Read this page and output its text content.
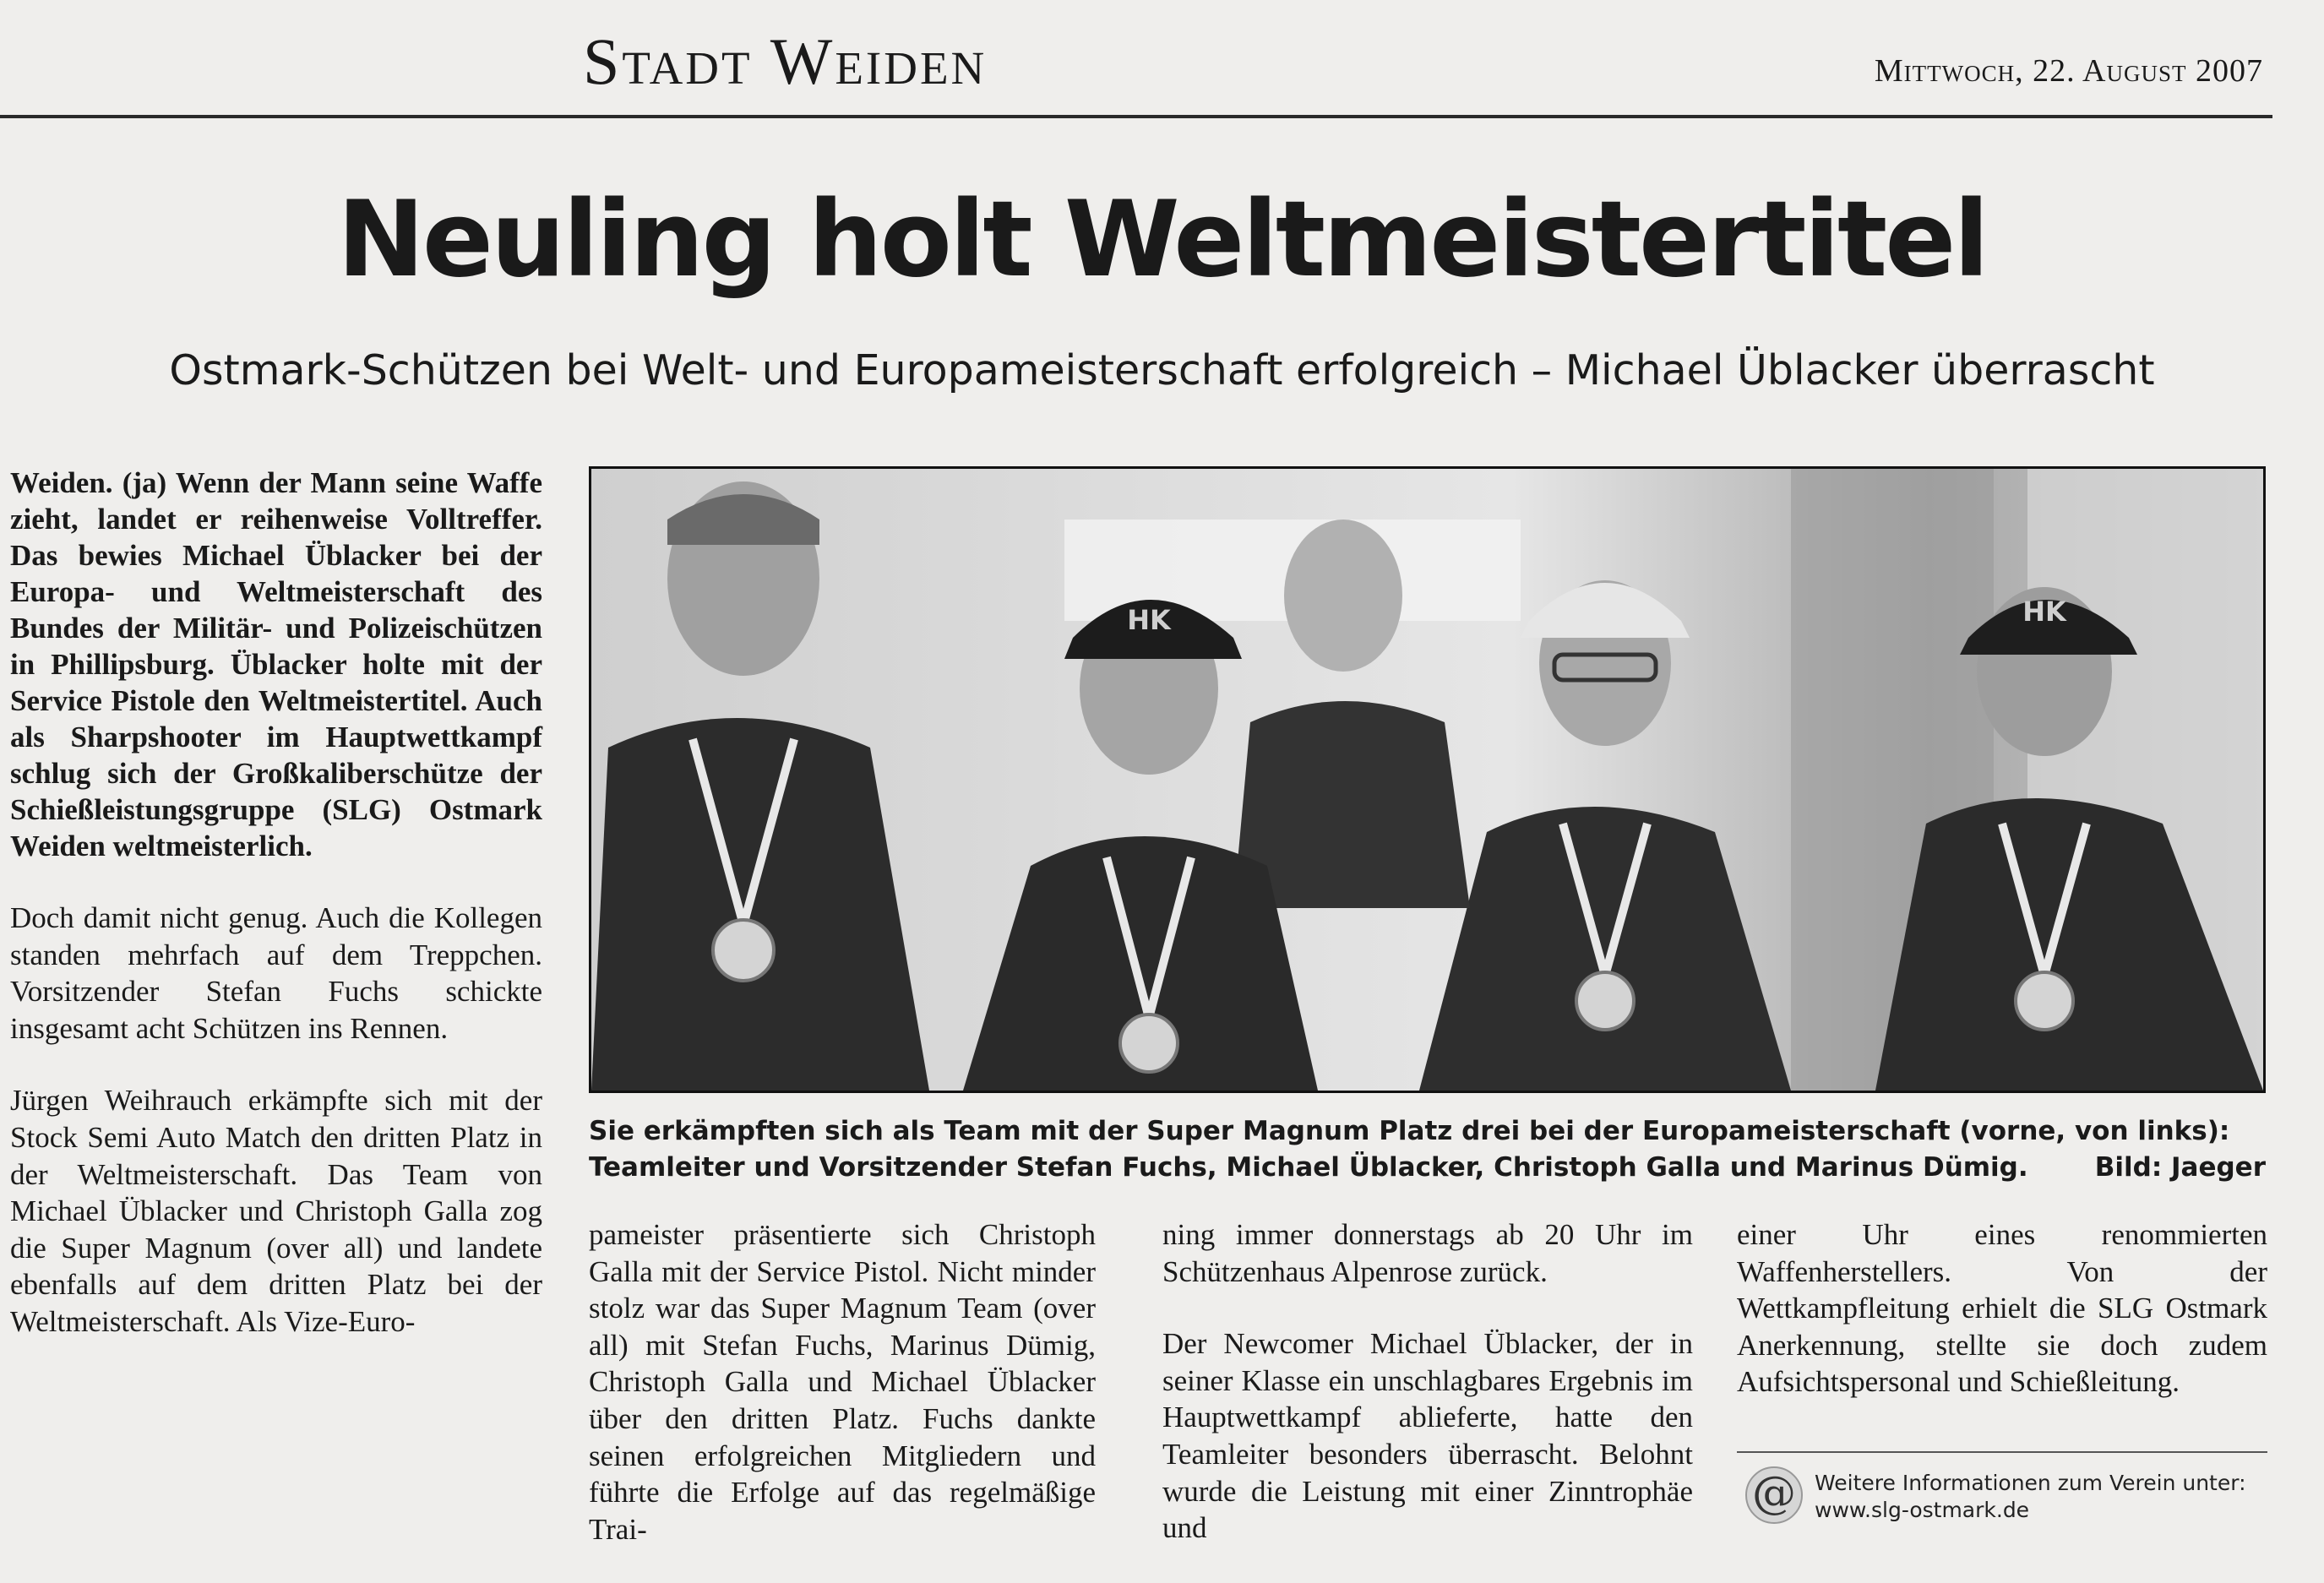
Stadt Weiden	Mittwoch, 22. August 2007
Neuling holt Weltmeistertitel
Ostmark-Schützen bei Welt- und Europameisterschaft erfolgreich – Michael Üblacker überrascht

Weiden. (ja) Wenn der Mann seine Waffe zieht, landet er reihenweise Volltreffer. Das bewies Michael Üblacker bei der Europa- und Weltmeisterschaft des Bundes der Militär- und Polizeischützen in Phillipsburg. Üblacker holte mit der Service Pistole den Weltmeistertitel. Auch als Sharpshooter im Hauptwettkampf schlug sich der Großkaliberschütze der Schießleistungsgruppe (SLG) Ostmark Weiden weltmeisterlich.

Doch damit nicht genug. Auch die Kollegen standen mehrfach auf dem Treppchen. Vorsitzender Stefan Fuchs schickte insgesamt acht Schützen ins Rennen.

Jürgen Weihrauch erkämpfte sich mit der Stock Semi Auto Match den dritten Platz in der Weltmeisterschaft. Das Team von Michael Üblacker und Christoph Galla zog die Super Magnum (over all) und landete ebenfalls auf dem dritten Platz bei der Weltmeisterschaft. Als Vize-Euro-

HK
HK
Sie erkämpften sich als Team mit der Super Magnum Platz drei bei der Europameisterschaft (vorne, von links): Teamleiter und Vorsitzender Stefan Fuchs, Michael Üblacker, Christoph Galla und Marinus Dümig.	Bild: Jaeger

pameister präsentierte sich Christoph Galla mit der Service Pistol. Nicht minder stolz war das Super Magnum Team (over all) mit Stefan Fuchs, Marinus Dümig, Christoph Galla und Michael Üblacker über den dritten Platz. Fuchs dankte seinen erfolgreichen Mitgliedern und führte die Erfolge auf das regelmäßige Trai-

ning immer donnerstags ab 20 Uhr im Schützenhaus Alpenrose zurück.

Der Newcomer Michael Üblacker, der in seiner Klasse ein unschlagbares Ergebnis im Hauptwettkampf ablieferte, hatte den Teamleiter besonders überrascht. Belohnt wurde die Leistung mit einer Zinntrophäe und

einer Uhr eines renommierten Waffenherstellers. Von der Wettkampfleitung erhielt die SLG Ostmark Anerkennung, stellte sie doch zudem Aufsichtspersonal und Schießleitung.

@ Weitere Informationen zum Verein unter:
www.slg-ostmark.de
